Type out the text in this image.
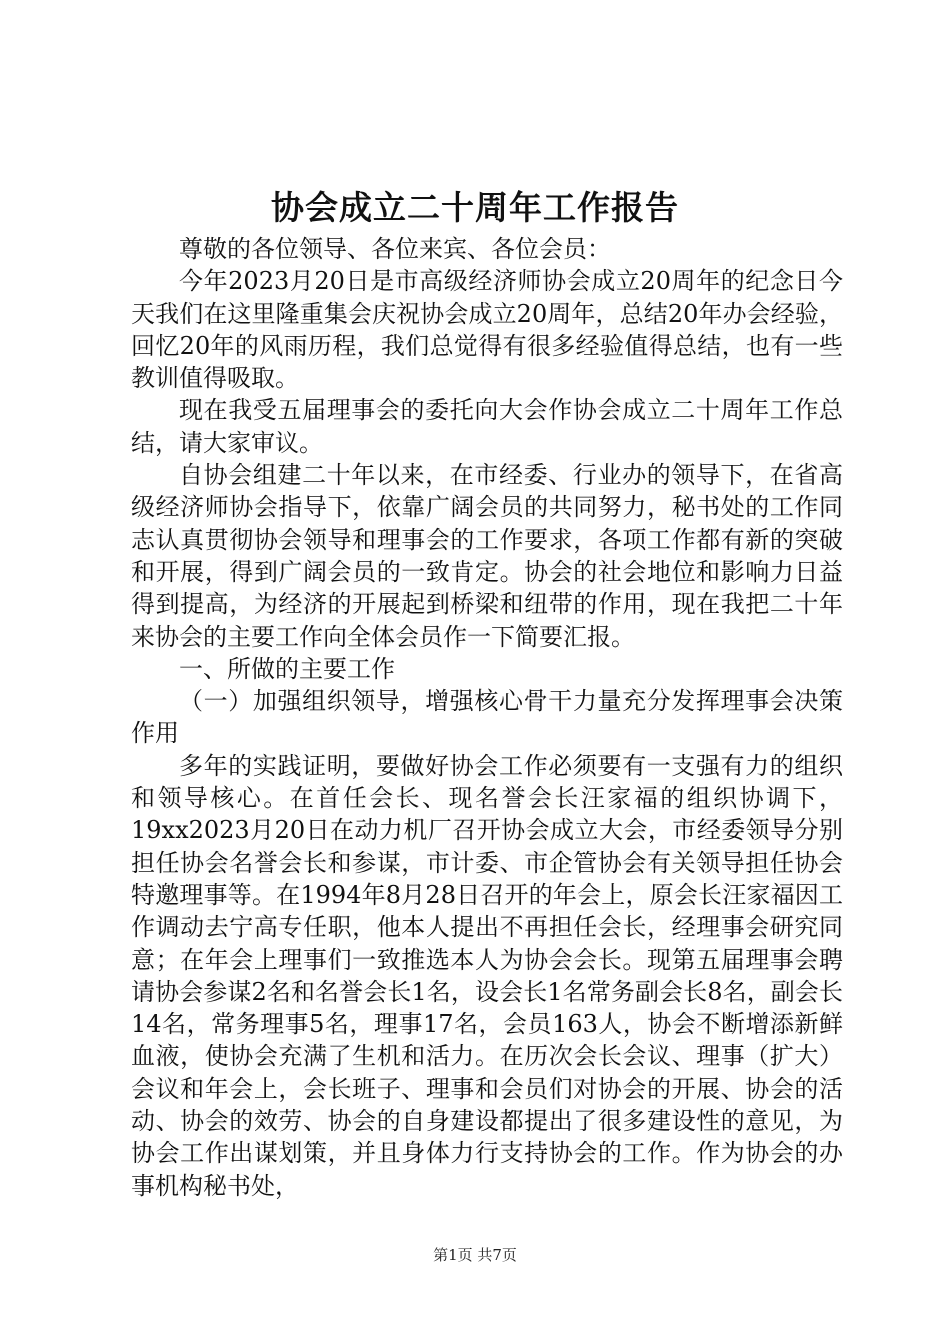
协会成立二十周年工作报告

尊敬的各位领导、各位来宾、各位会员：

今年2023月20日是市高级经济师协会成立20周年的纪念日今天我们在这里隆重集会庆祝协会成立20周年，总结20年办会经验，回忆20年的风雨历程，我们总觉得有很多经验值得总结，也有一些教训值得吸取。

现在我受五届理事会的委托向大会作协会成立二十周年工作总结，请大家审议。

自协会组建二十年以来，在市经委、行业办的领导下，在省高级经济师协会指导下，依靠广阔会员的共同努力，秘书处的工作同志认真贯彻协会领导和理事会的工作要求，各项工作都有新的突破和开展，得到广阔会员的一致肯定。协会的社会地位和影响力日益得到提高，为经济的开展起到桥梁和纽带的作用，现在我把二十年来协会的主要工作向全体会员作一下简要汇报。

一、所做的主要工作

（一）加强组织领导，增强核心骨干力量充分发挥理事会决策作用

多年的实践证明，要做好协会工作必须要有一支强有力的组织和领导核心。在首任会长、现名誉会长汪家福的组织协调下，19xx2023月20日在动力机厂召开协会成立大会，市经委领导分别担任协会名誉会长和参谋，市计委、市企管协会有关领导担任协会特邀理事等。在1994年8月28日召开的年会上，原会长汪家福因工作调动去宁高专任职，他本人提出不再担任会长，经理事会研究同意；在年会上理事们一致推选本人为协会会长。现第五届理事会聘请协会参谋2名和名誉会长1名，设会长1名常务副会长8名，副会长14名，常务理事5名，理事17名，会员163人，协会不断增添新鲜血液，使协会充满了生机和活力。在历次会长会议、理事（扩大）会议和年会上，会长班子、理事和会员们对协会的开展、协会的活动、协会的效劳、协会的自身建设都提出了很多建设性的意见，为协会工作出谋划策，并且身体力行支持协会的工作。作为协会的办事机构秘书处，

第1页 共7页
